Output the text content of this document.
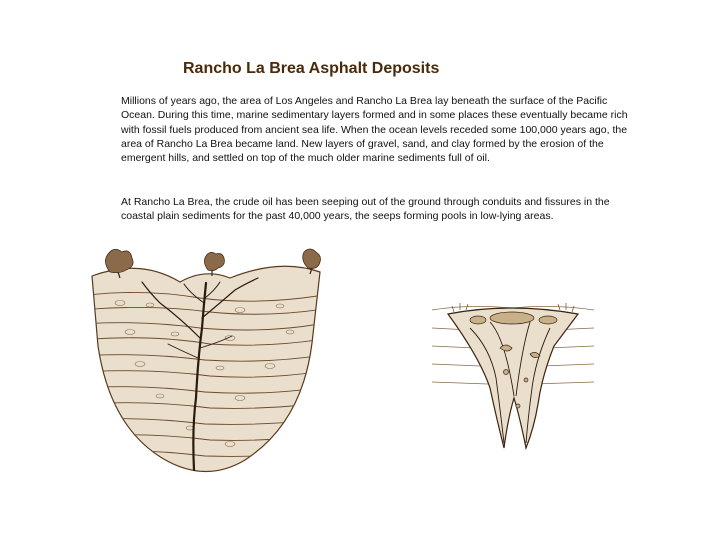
Rancho La Brea Asphalt Deposits

Millions of years ago, the area of Los Angeles and Rancho La Brea lay beneath the surface of the Pacific Ocean. During this time, marine sedimentary layers formed and in some places these eventually became rich with fossil fuels produced from ancient sea life. When the ocean levels receded some 100,000 years ago, the area of Rancho La Brea became land. New layers of gravel, sand, and clay formed by the erosion of the emergent hills, and settled on top of the much older marine sediments full of oil.

At Rancho La Brea, the crude oil has been seeping out of the ground through conduits and fissures in the coastal plain sediments for the past 40,000 years, the seeps forming pools in low-lying areas.
